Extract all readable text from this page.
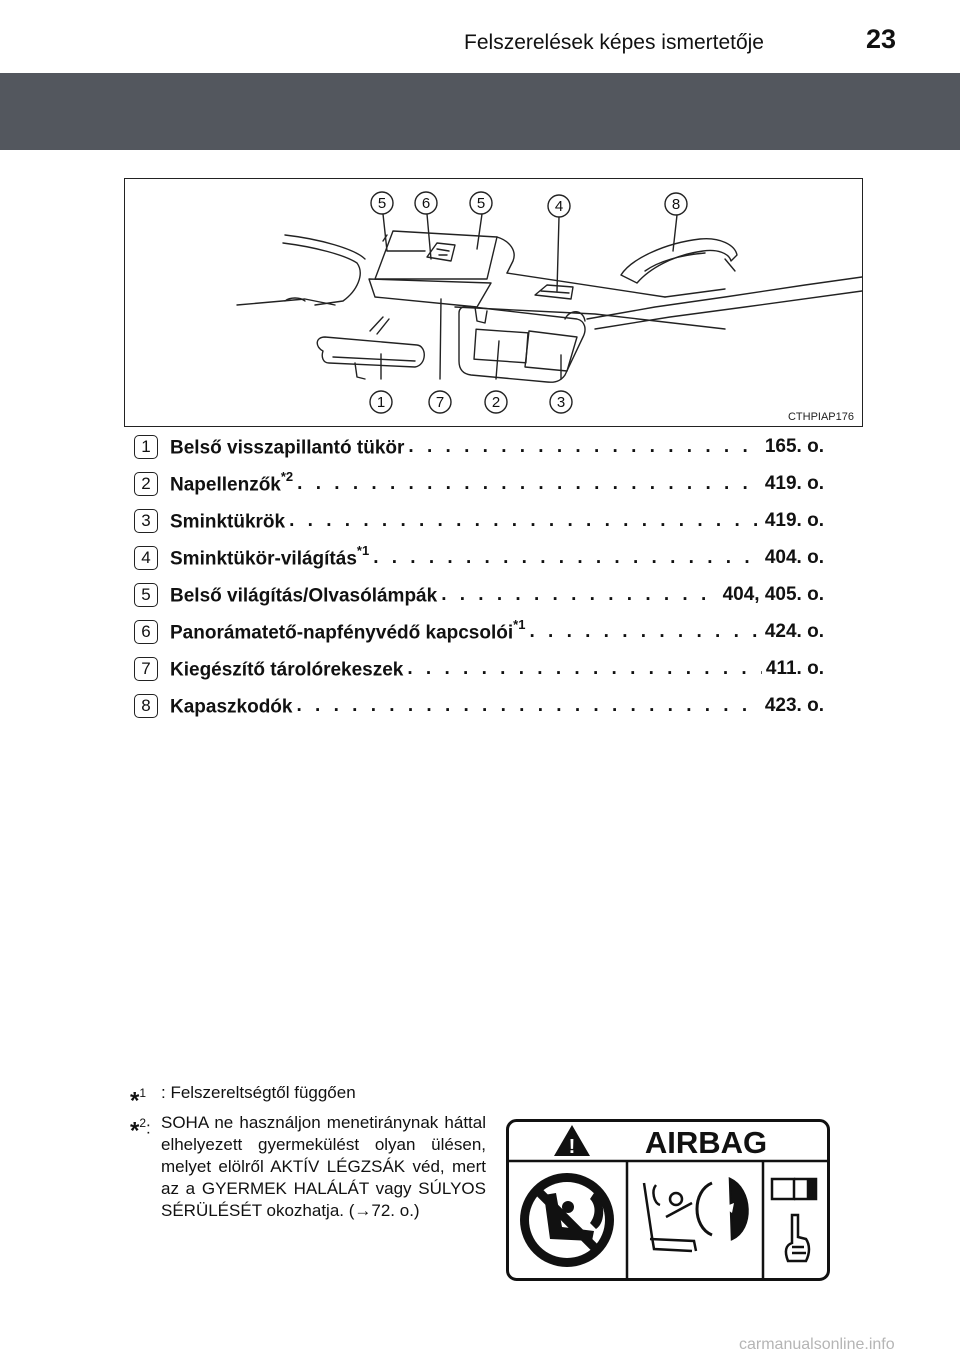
Felszerelések képes ismertetője	23
5 6	5	4	8
1	7	2	3
CTHPIAP176
1	Belső visszapillantó tükör . . .	165. o.
2	Napellenzők$^{*2}$ . . .	419. o.
3	Sminktükrök . . .	419. o.
4	Sminktükör-világítás$^{*1}$ . . .	404. o.
5	Belső világítás/Olvasólámpák . . .	404, 405. o.
6	Panorámatető-napfényvédő kapcsolói$^{*1}$ . . .	424. o.
7	Kiegészítő tárolórekeszek . . .	411. o.
8	Kapaszkodók . . .	423. o.
*$^1$ : Felszereltségtől függően
*$^2$: SOHA ne használjon menetiránynak háttal elhelyezett gyermekülést olyan ülésen, melyet elölről AKTÍV LÉGZSÁK véd, mert az a GYERMEK HALÁLÁT vagy SÚLYOS SÉRÜLÉSÉT okozhatja. (→72. o.)
! AIRBAG
carmanualsonline.info
